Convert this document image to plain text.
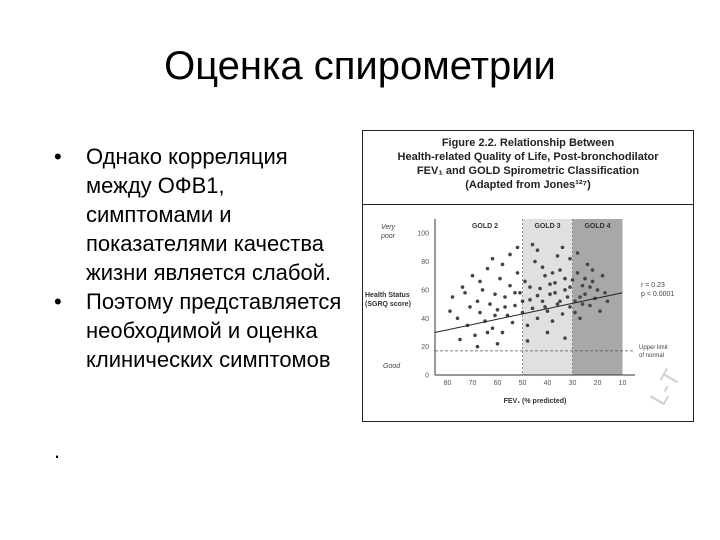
Оценка спирометрии
• Однако корреляция между ОФВ1, симптомами и показателями качества жизни является слабой.
• Поэтому представляется необходимой и оценка клинических симптомов
.
Figure 2.2. Relationship Between
Health-related Quality of Life, Post-bronchodilator
FEV₁ and GOLD Spirometric Classification
(Adapted from Jones¹²⁷)
GOLD 2	GOLD 3	GOLD 4
0
20
40
60
80
100
80 70 60 50 40 30 20 10
FEV₁ (% predicted)
Very
poor
Health Status
(SGRQ score)
Good
r = 0.23
p < 0.0001
Upper limit
of normal
L-T
